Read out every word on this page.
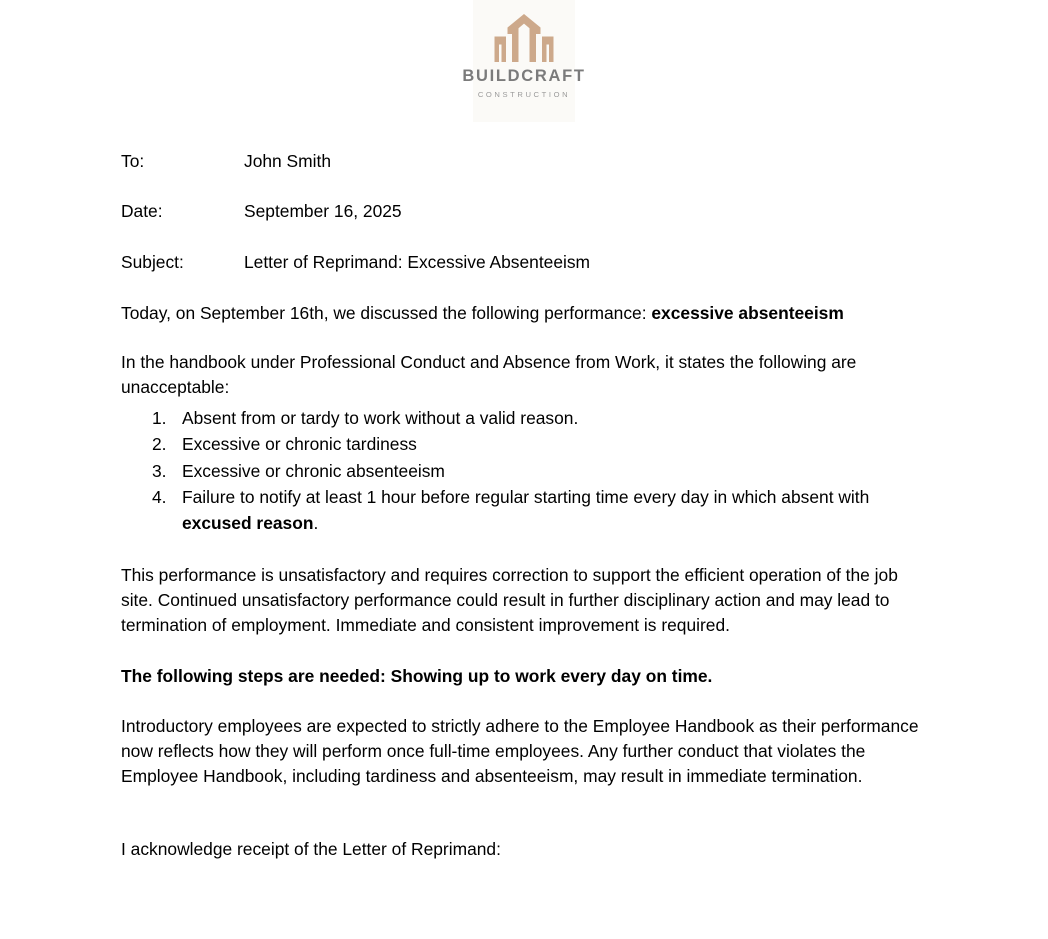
BUILDCRAFT
CONSTRUCTION
To:	John Smith
Date:	September 16, 2025
Subject:	Letter of Reprimand: Excessive Absenteeism

Today, on September 16th, we discussed the following performance: excessive absenteeism

In the handbook under Professional Conduct and Absence from Work, it states the following are unacceptable:

1. Absent from or tardy to work without a valid reason.
2. Excessive or chronic tardiness
3. Excessive or chronic absenteeism
4. Failure to notify at least 1 hour before regular starting time every day in which absent with excused reason.

This performance is unsatisfactory and requires correction to support the efficient operation of the job site. Continued unsatisfactory performance could result in further disciplinary action and may lead to termination of employment. Immediate and consistent improvement is required.

The following steps are needed: Showing up to work every day on time.

Introductory employees are expected to strictly adhere to the Employee Handbook as their performance now reflects how they will perform once full-time employees. Any further conduct that violates the Employee Handbook, including tardiness and absenteeism, may result in immediate termination.

I acknowledge receipt of the Letter of Reprimand:
